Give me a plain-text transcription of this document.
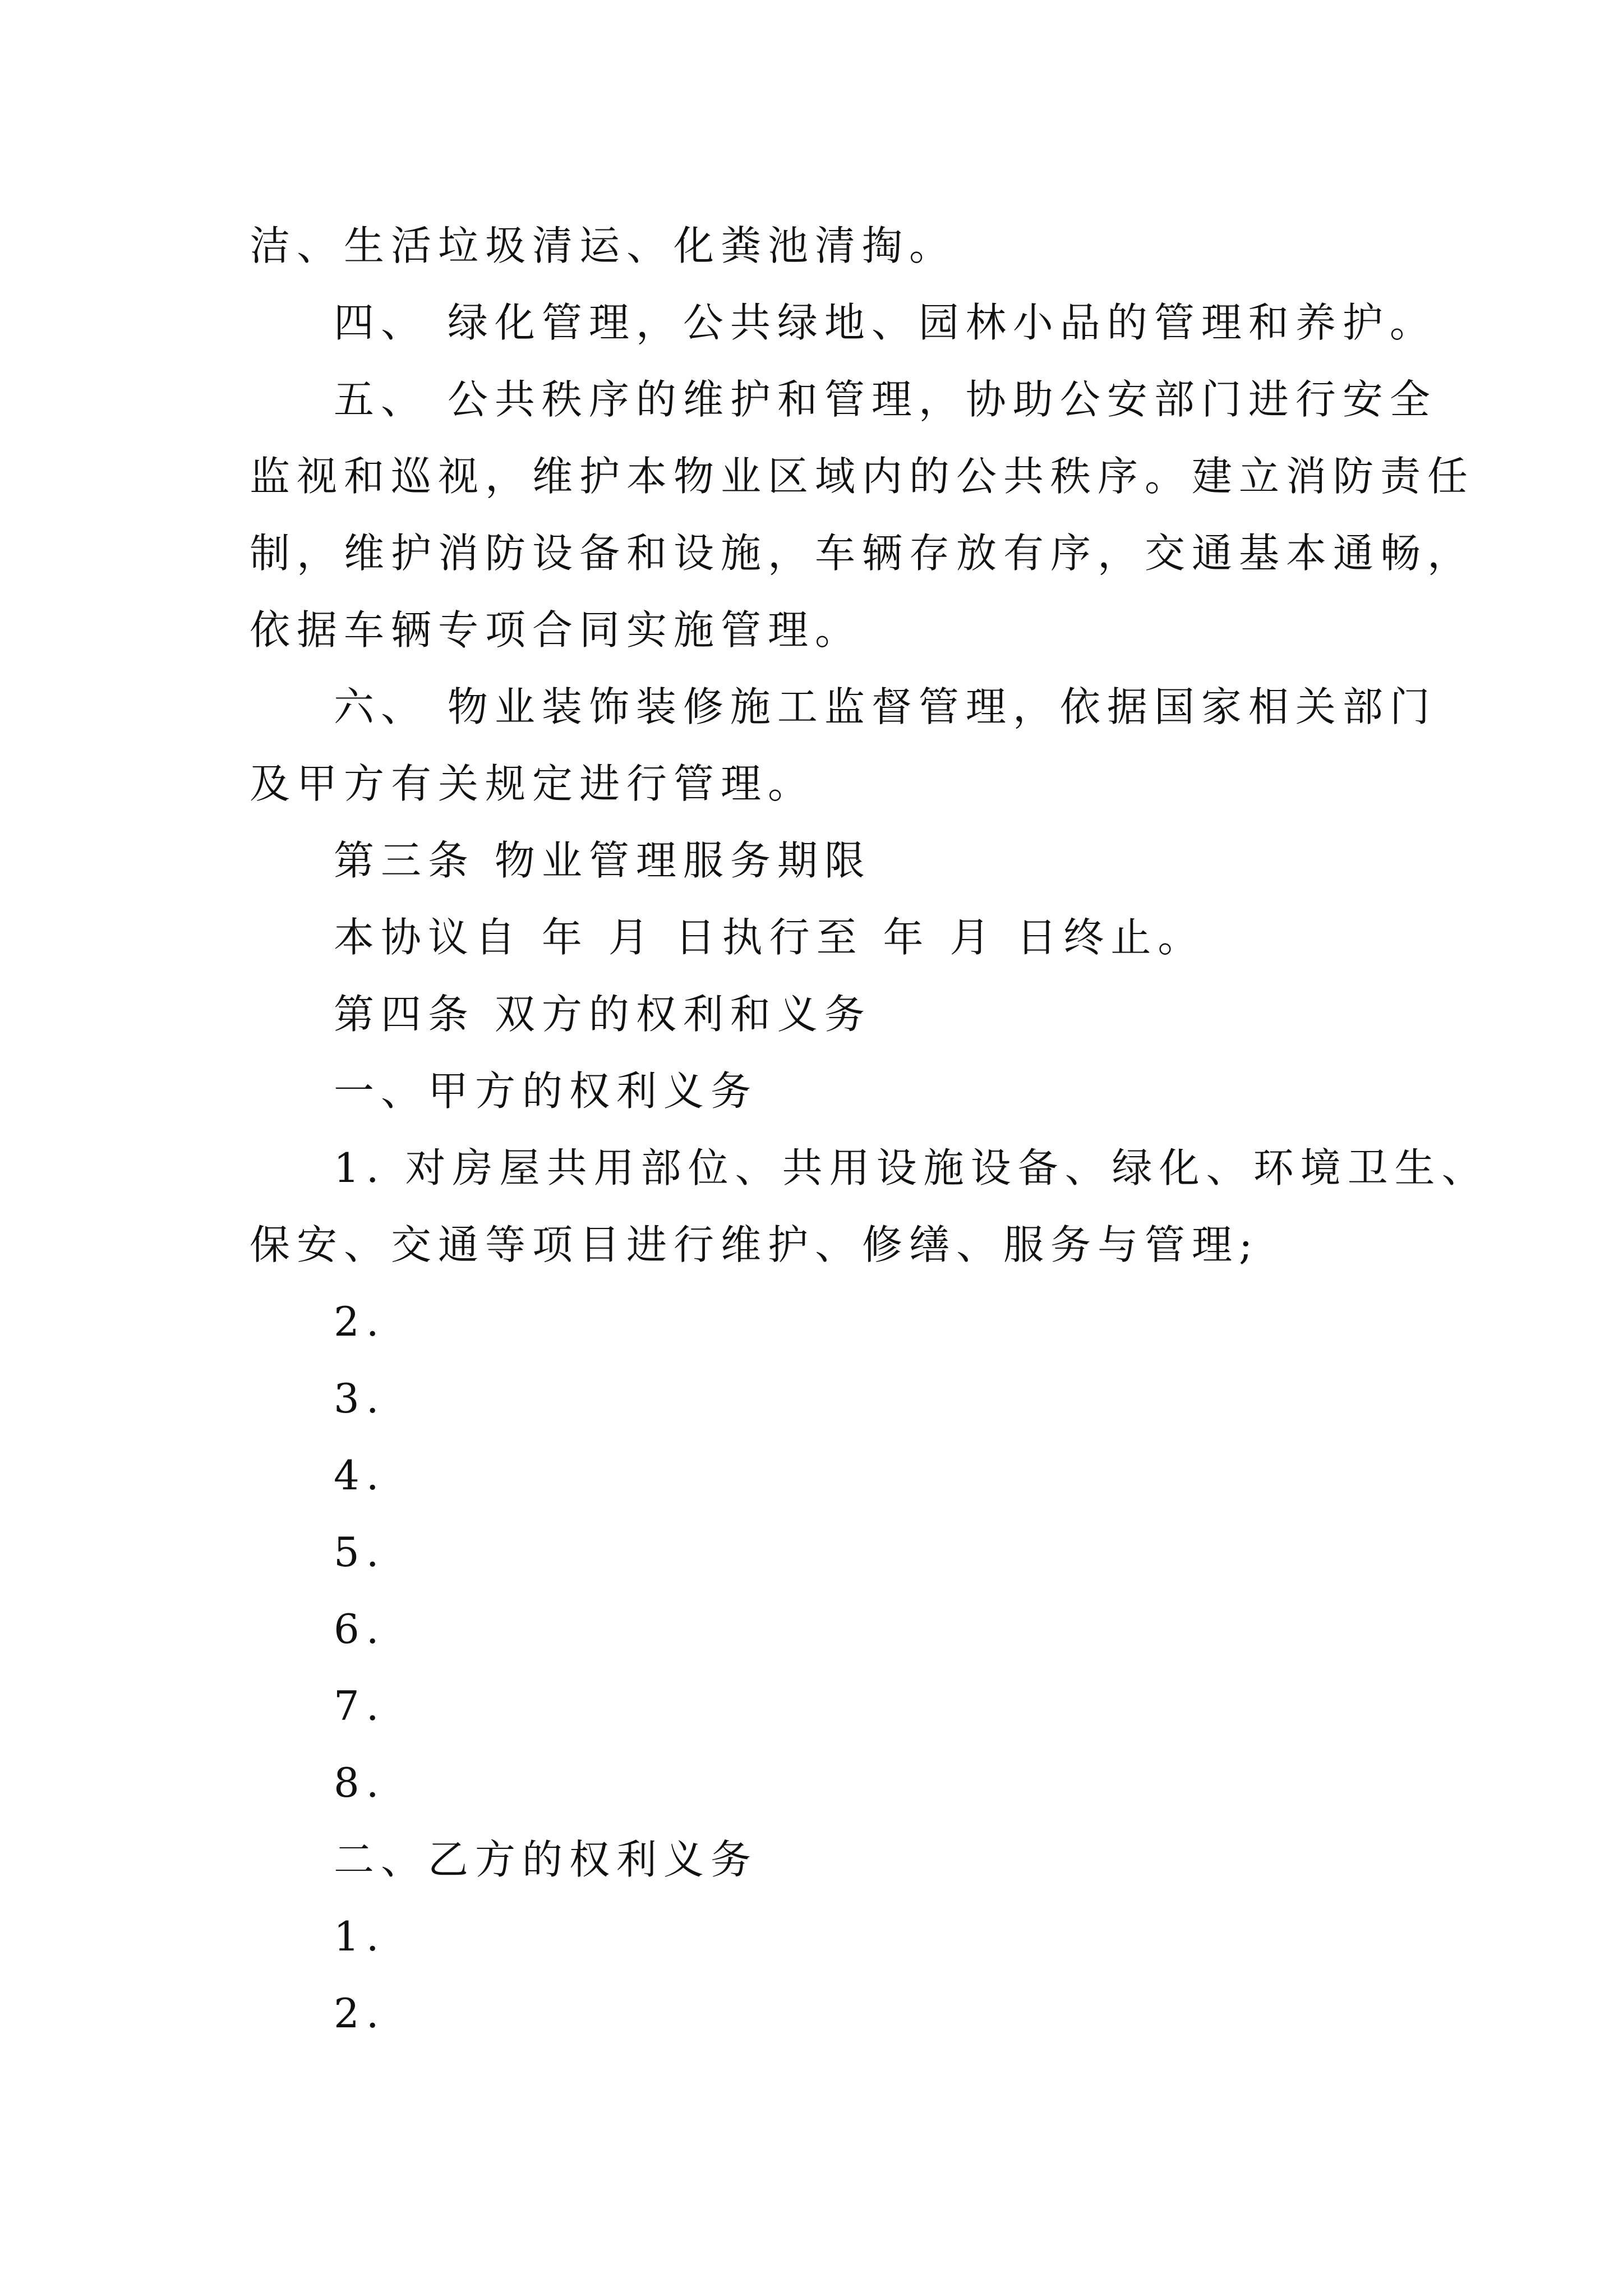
洁、生活垃圾清运、化粪池清掏。
四、 绿化管理，公共绿地、园林小品的管理和养护。
五、 公共秩序的维护和管理，协助公安部门进行安全
监视和巡视，维护本物业区域内的公共秩序。建立消防责任
制，维护消防设备和设施，车辆存放有序，交通基本通畅，
依据车辆专项合同实施管理。
六、 物业装饰装修施工监督管理，依据国家相关部门
及甲方有关规定进行管理。
第三条 物业管理服务期限
本协议自 年 月 日执行至 年 月 日终止。
第四条 双方的权利和义务
一、甲方的权利义务
1. 对房屋共用部位、共用设施设备、绿化、环境卫生、
保安、交通等项目进行维护、修缮、服务与管理;
2.
3.
4.
5.
6.
7.
8.
二、乙方的权利义务
1.
2.
